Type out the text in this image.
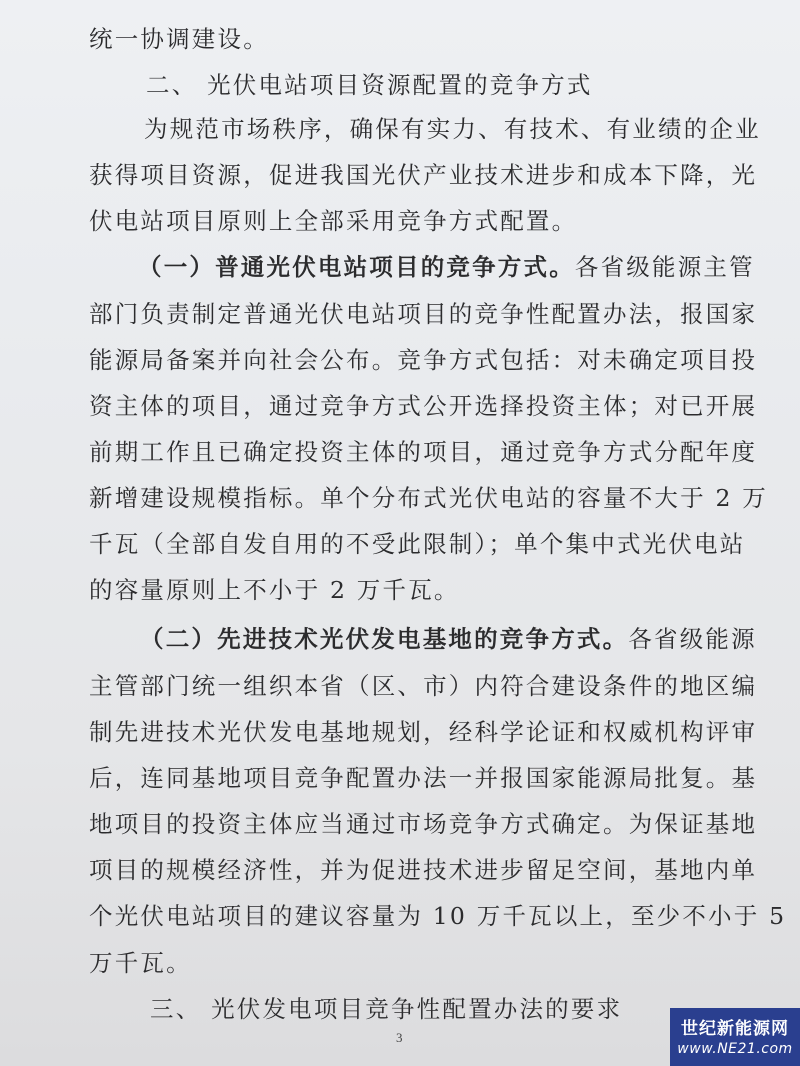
统一协调建设。
二、 光伏电站项目资源配置的竞争方式
为规范市场秩序，确保有实力、有技术、有业绩的企业
获得项目资源，促进我国光伏产业技术进步和成本下降，光
伏电站项目原则上全部采用竞争方式配置。
（一）普通光伏电站项目的竞争方式。各省级能源主管
部门负责制定普通光伏电站项目的竞争性配置办法，报国家
能源局备案并向社会公布。竞争方式包括：对未确定项目投
资主体的项目，通过竞争方式公开选择投资主体；对已开展
前期工作且已确定投资主体的项目，通过竞争方式分配年度
新增建设规模指标。单个分布式光伏电站的容量不大于 2 万
千瓦（全部自发自用的不受此限制）；单个集中式光伏电站
的容量原则上不小于 2 万千瓦。
（二）先进技术光伏发电基地的竞争方式。各省级能源
主管部门统一组织本省（区、市）内符合建设条件的地区编
制先进技术光伏发电基地规划，经科学论证和权威机构评审
后，连同基地项目竞争配置办法一并报国家能源局批复。基
地项目的投资主体应当通过市场竞争方式确定。为保证基地
项目的规模经济性，并为促进技术进步留足空间，基地内单
个光伏电站项目的建议容量为 10 万千瓦以上，至少不小于 5
万千瓦。
三、 光伏发电项目竞争性配置办法的要求
3	世纪新能源网
www.NE21.com
